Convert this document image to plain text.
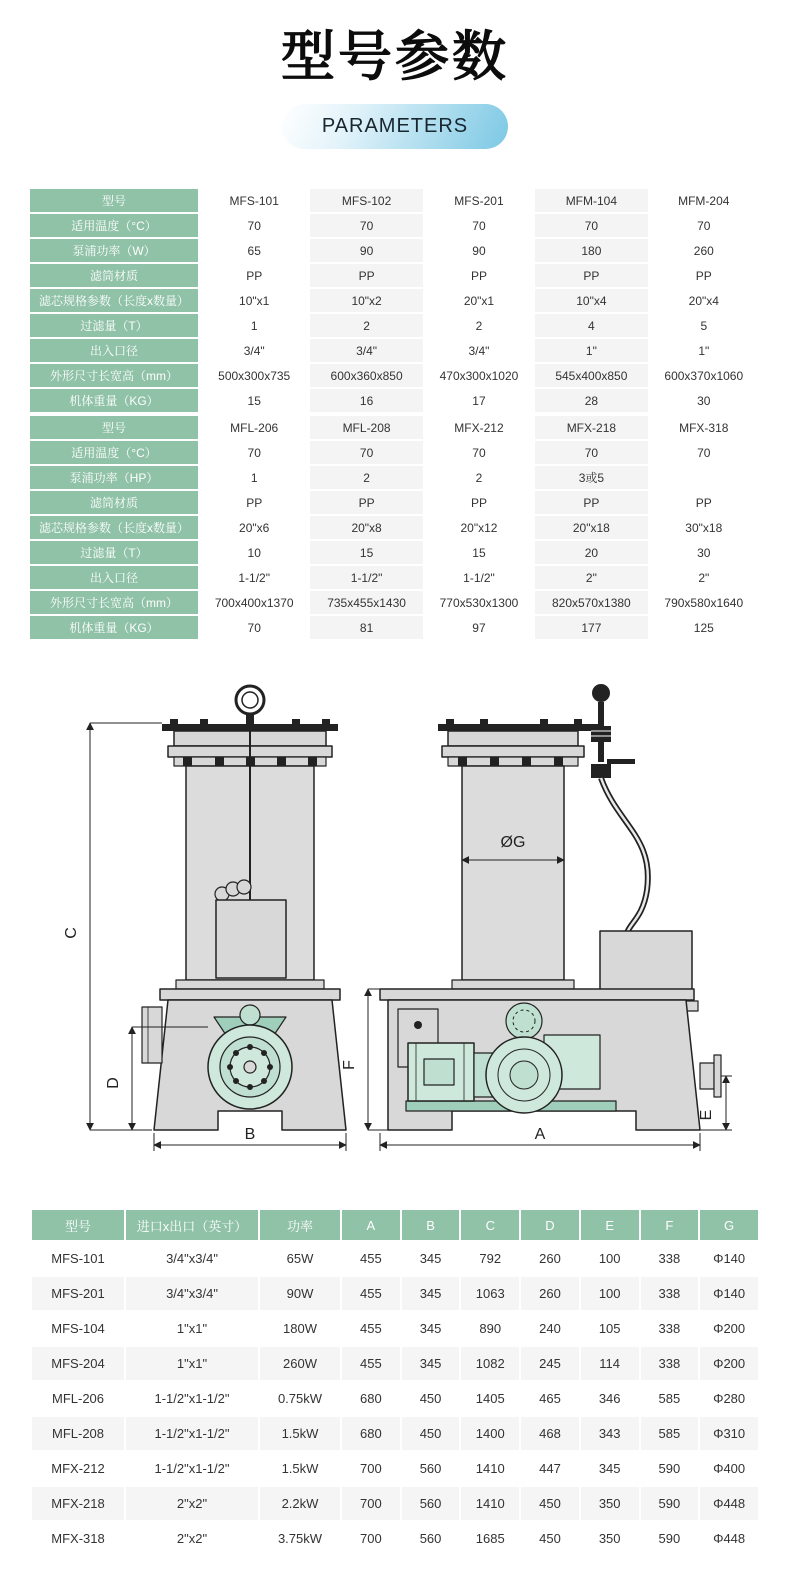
型号参数
PARAMETERS
型号	MFS-101	MFS-102	MFS-201	MFM-104	MFM-204
适用温度（°C）	70	70	70	70	70
泵浦功率（W）	65	90	90	180	260
滤筒材质	PP	PP	PP	PP	PP
滤芯规格参数（长度x数量）	10"x1	10"x2	20"x1	10"x4	20"x4
过滤量（T）	1	2	2	4	5
出入口径	3/4"	3/4"	3/4"	1"	1"
外形尺寸长宽高（mm）	500x300x735	600x360x850	470x300x1020	545x400x850	600x370x1060
机体重量（KG）	15	16	17	28	30
型号	MFL-206	MFL-208	MFX-212	MFX-218	MFX-318
适用温度（°C）	70	70	70	70	70
泵浦功率（HP）	1	2	2	3或5	
滤筒材质	PP	PP	PP	PP	PP
滤芯规格参数（长度x数量）	20"x6	20"x8	20"x12	20"x18	30"x18
过滤量（T）	10	15	15	20	30
出入口径	1-1/2"	1-1/2"	1-1/2"	2"	2"
外形尺寸长宽高（mm）	700x400x1370	735x455x1430	770x530x1300	820x570x1380	790x580x1640
机体重量（KG）	70	81	97	177	125
C
D
B
ØG
F
E
A
型号	进口x出口（英寸）	功率	A	B	C	D	E	F	G
MFS-101	3/4"x3/4"	65W	455	345	792	260	100	338	Φ140
MFS-201	3/4"x3/4"	90W	455	345	1063	260	100	338	Φ140
MFS-104	1"x1"	180W	455	345	890	240	105	338	Φ200
MFS-204	1"x1"	260W	455	345	1082	245	114	338	Φ200
MFL-206	1-1/2"x1-1/2"	0.75kW	680	450	1405	465	346	585	Φ280
MFL-208	1-1/2"x1-1/2"	1.5kW	680	450	1400	468	343	585	Φ310
MFX-212	1-1/2"x1-1/2"	1.5kW	700	560	1410	447	345	590	Φ400
MFX-218	2"x2"	2.2kW	700	560	1410	450	350	590	Φ448
MFX-318	2"x2"	3.75kW	700	560	1685	450	350	590	Φ448
